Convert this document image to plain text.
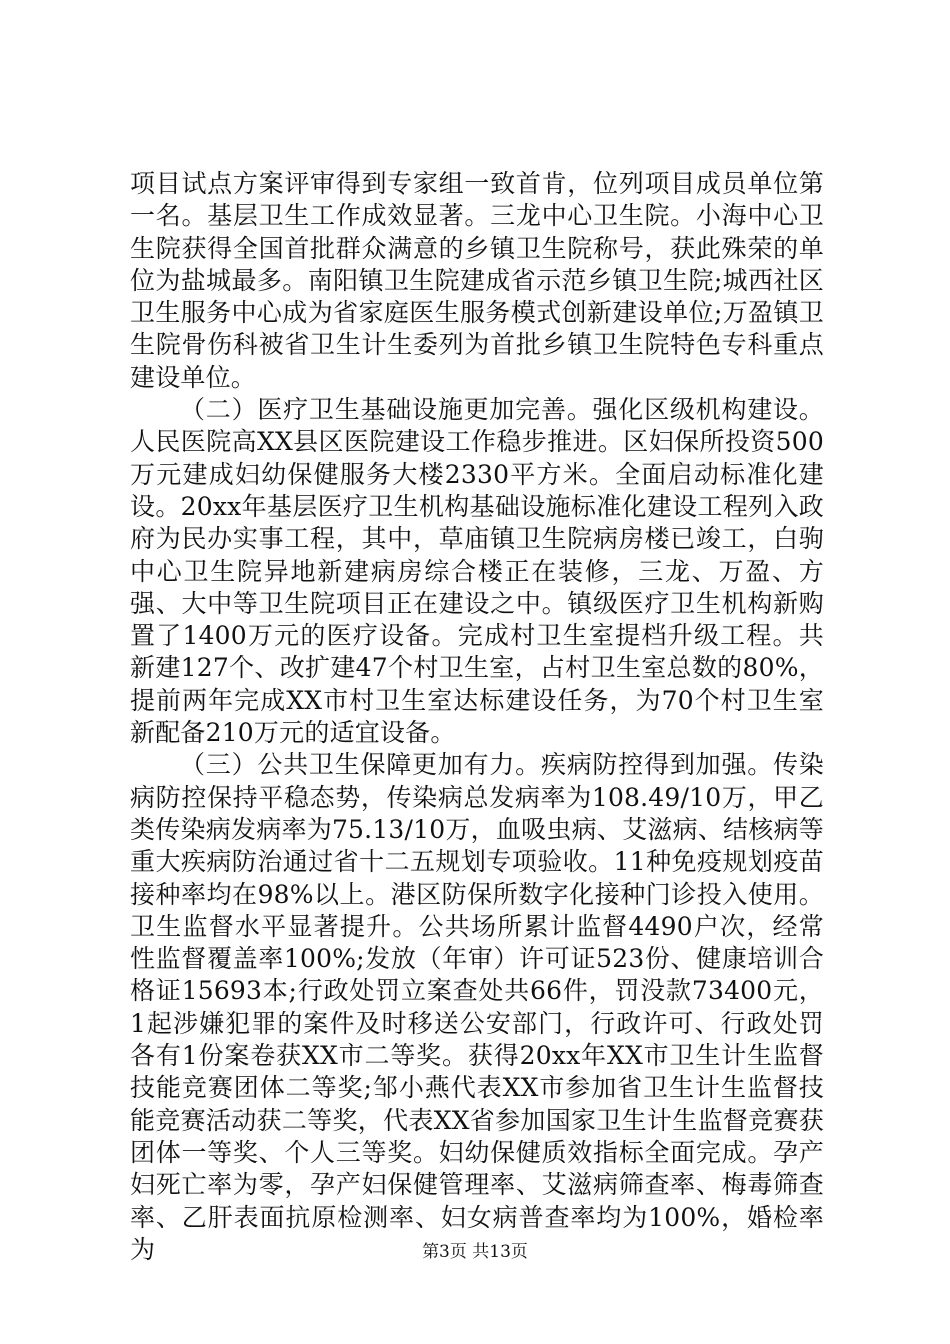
项目试点方案评审得到专家组一致首肯，位列项目成员单位第一名。基层卫生工作成效显著。三龙中心卫生院。小海中心卫生院获得全国首批群众满意的乡镇卫生院称号，获此殊荣的单位为盐城最多。南阳镇卫生院建成省示范乡镇卫生院;城西社区卫生服务中心成为省家庭医生服务模式创新建设单位;万盈镇卫生院骨伤科被省卫生计生委列为首批乡镇卫生院特色专科重点建设单位。

（二）医疗卫生基础设施更加完善。强化区级机构建设。人民医院高XX县区医院建设工作稳步推进。区妇保所投资500万元建成妇幼保健服务大楼2330平方米。全面启动标准化建设。20xx年基层医疗卫生机构基础设施标准化建设工程列入政府为民办实事工程，其中，草庙镇卫生院病房楼已竣工，白驹中心卫生院异地新建病房综合楼正在装修，三龙、万盈、方强、大中等卫生院项目正在建设之中。镇级医疗卫生机构新购置了1400万元的医疗设备。完成村卫生室提档升级工程。共新建127个、改扩建47个村卫生室，占村卫生室总数的80%，提前两年完成XX市村卫生室达标建设任务，为70个村卫生室新配备210万元的适宜设备。

（三）公共卫生保障更加有力。疾病防控得到加强。传染病防控保持平稳态势，传染病总发病率为108.49/10万，甲乙类传染病发病率为75.13/10万，血吸虫病、艾滋病、结核病等重大疾病防治通过省十二五规划专项验收。11种免疫规划疫苗接种率均在98%以上。港区防保所数字化接种门诊投入使用。卫生监督水平显著提升。公共场所累计监督4490户次，经常性监督覆盖率100%;发放（年审）许可证523份、健康培训合格证15693本;行政处罚立案查处共66件，罚没款73400元，1起涉嫌犯罪的案件及时移送公安部门，行政许可、行政处罚各有1份案卷获XX市二等奖。获得20xx年XX市卫生计生监督技能竞赛团体二等奖;邹小燕代表XX市参加省卫生计生监督技能竞赛活动获二等奖，代表XX省参加国家卫生计生监督竞赛获团体一等奖、个人三等奖。妇幼保健质效指标全面完成。孕产妇死亡率为零，孕产妇保健管理率、艾滋病筛查率、梅毒筛查率、乙肝表面抗原检测率、妇女病普查率均为100%，婚检率为	第3页 共13页
